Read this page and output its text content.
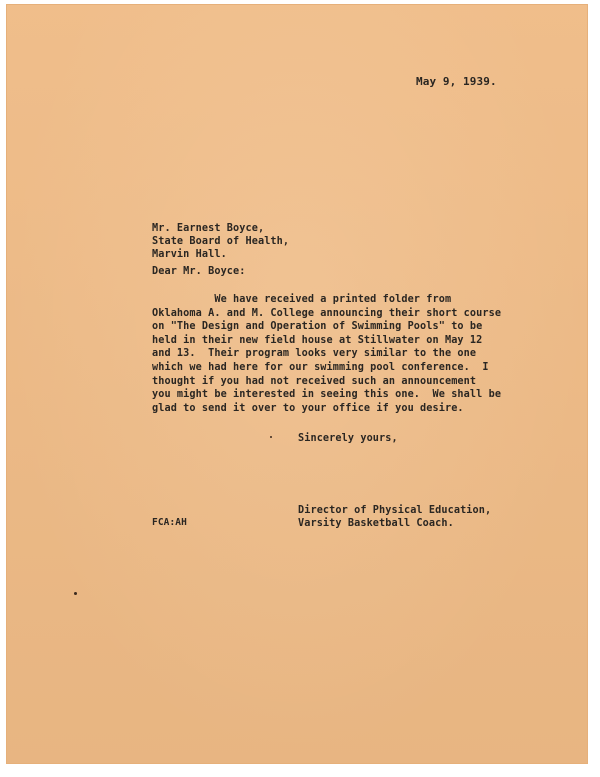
May 9, 1939.
Mr. Earnest Boyce,
State Board of Health,
Marvin Hall.
Dear Mr. Boyce:
We have received a printed folder from
Oklahoma A. and M. College announcing their short course
on "The Design and Operation of Swimming Pools" to be
held in their new field house at Stillwater on May 12
and 13.  Their program looks very similar to the one
which we had here for our swimming pool conference.  I
thought if you had not received such an announcement
you might be interested in seeing this one.  We shall be
glad to send it over to your office if you desire.
Sincerely yours,
Director of Physical Education,
Varsity Basketball Coach.
FCA:AH
